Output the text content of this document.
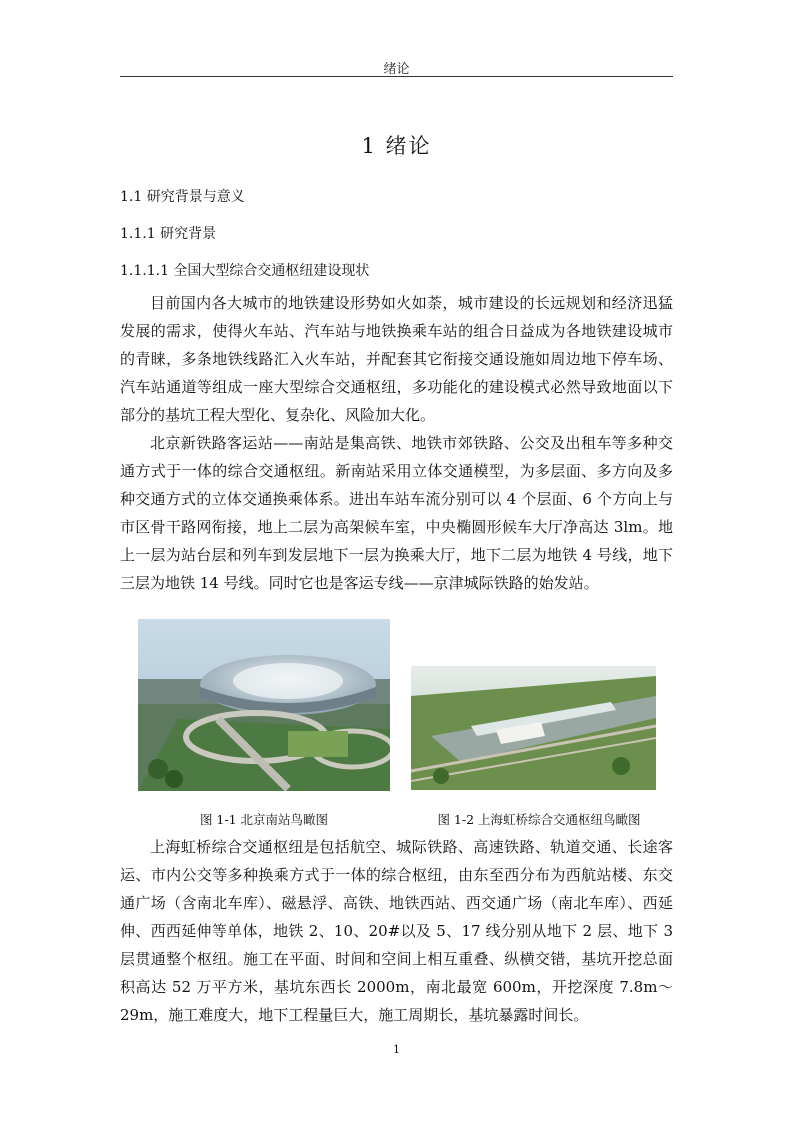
绪论
1 绪论
1.1 研究背景与意义
1.1.1 研究背景
1.1.1.1 全国大型综合交通枢纽建设现状

目前国内各大城市的地铁建设形势如火如荼，城市建设的长远规划和经济迅猛发展的需求，使得火车站、汽车站与地铁换乘车站的组合日益成为各地铁建设城市的青睐，多条地铁线路汇入火车站，并配套其它衔接交通设施如周边地下停车场、汽车站通道等组成一座大型综合交通枢纽，多功能化的建设模式必然导致地面以下部分的基坑工程大型化、复杂化、风险加大化。

北京新铁路客运站——南站是集高铁、地铁市郊铁路、公交及出租车等多种交通方式于一体的综合交通枢纽。新南站采用立体交通模型，为多层面、多方向及多种交通方式的立体交通换乘体系。进出车站车流分别可以 4 个层面、6 个方向上与市区骨干路网衔接，地上二层为高架候车室，中央椭圆形候车大厅净高达 3lm。地上一层为站台层和列车到发层地下一层为换乘大厅，地下二层为地铁 4 号线，地下三层为地铁 14 号线。同时它也是客运专线——京津城际铁路的始发站。

图 1-1 北京南站鸟瞰图	图 1-2 上海虹桥综合交通枢纽鸟瞰图

上海虹桥综合交通枢纽是包括航空、城际铁路、高速铁路、轨道交通、长途客运、市内公交等多种换乘方式于一体的综合枢纽，由东至西分布为西航站楼、东交通广场（含南北车库）、磁悬浮、高铁、地铁西站、西交通广场（南北车库）、西延伸、西西延伸等单体，地铁 2、10、20#以及 5、17 线分别从地下 2 层、地下 3 层贯通整个枢纽。施工在平面、时间和空间上相互重叠、纵横交错，基坑开挖总面积高达 52 万平方米，基坑东西长 2000m，南北最宽 600m，开挖深度 7.8m～29m，施工难度大，地下工程量巨大，施工周期长，基坑暴露时间长。

1
